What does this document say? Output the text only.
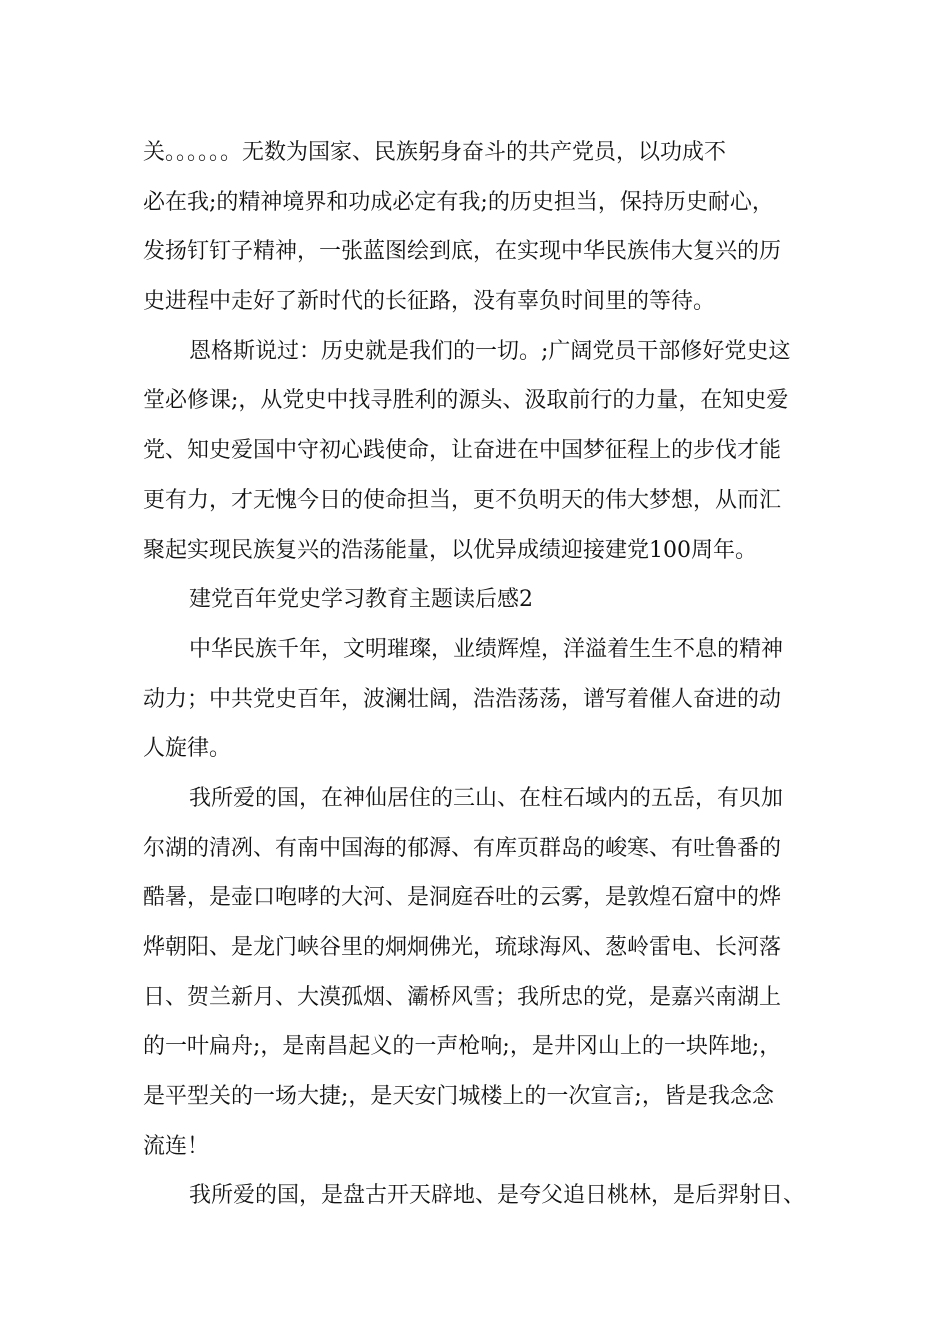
关。。。。。。无数为国家、民族躬身奋斗的共产党员，以功成不
必在我;的精神境界和功成必定有我;的历史担当，保持历史耐心，
发扬钉钉子精神，一张蓝图绘到底，在实现中华民族伟大复兴的历
史进程中走好了新时代的长征路，没有辜负时间里的等待。
恩格斯说过：历史就是我们的一切。;广阔党员干部修好党史这
堂必修课;，从党史中找寻胜利的源头、汲取前行的力量，在知史爱
党、知史爱国中守初心践使命，让奋进在中国梦征程上的步伐才能
更有力，才无愧今日的使命担当，更不负明天的伟大梦想，从而汇
聚起实现民族复兴的浩荡能量，以优异成绩迎接建党100周年。
建党百年党史学习教育主题读后感2
中华民族千年，文明璀璨，业绩辉煌，洋溢着生生不息的精神
动力；中共党史百年，波澜壮阔，浩浩荡荡，谱写着催人奋进的动
人旋律。
我所爱的国，在神仙居住的三山、在柱石域内的五岳，有贝加
尔湖的清冽、有南中国海的郁溽、有库页群岛的峻寒、有吐鲁番的
酷暑，是壶口咆哮的大河、是洞庭吞吐的云雾，是敦煌石窟中的烨
烨朝阳、是龙门峡谷里的炯炯佛光，琉球海风、葱岭雷电、长河落
日、贺兰新月、大漠孤烟、灞桥风雪；我所忠的党，是嘉兴南湖上
的一叶扁舟;，是南昌起义的一声枪响;，是井冈山上的一块阵地;，
是平型关的一场大捷;，是天安门城楼上的一次宣言;，皆是我念念
流连！
我所爱的国，是盘古开天辟地、是夸父追日桃林，是后羿射日、
